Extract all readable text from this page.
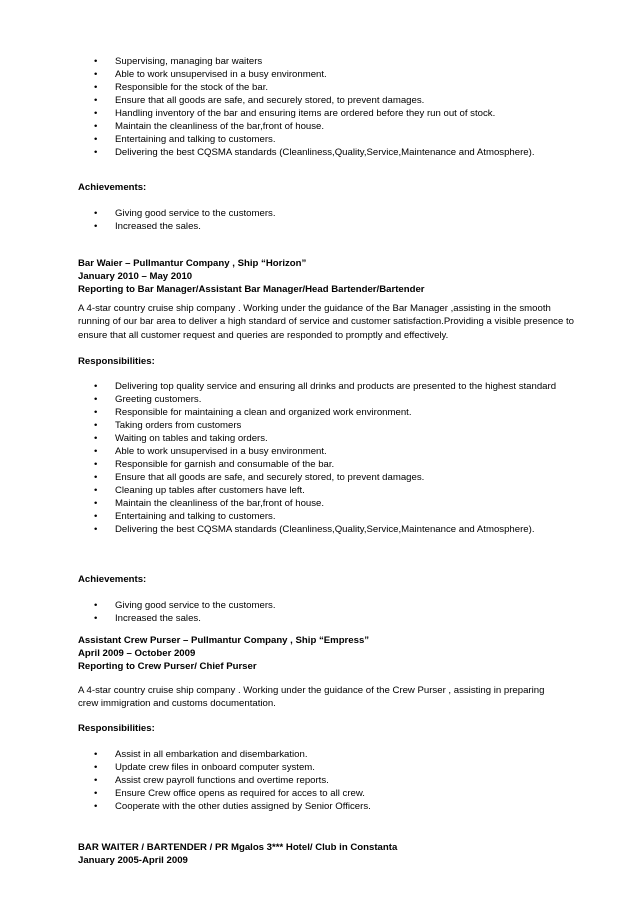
• Supervising, managing bar waiters
• Able to work unsupervised in a busy environment.
• Responsible for the stock of the bar.
• Ensure that all goods are safe, and securely stored, to prevent damages.
• Handling inventory of the bar and ensuring items are ordered before they run out of stock.
• Maintain the cleanliness of the bar,front of house.
• Entertaining and talking to customers.
• Delivering the best CQSMA standards (Cleanliness,Quality,Service,Maintenance and Atmosphere).
Achievements:
• Giving good service to the customers.
• Increased the sales.
Bar Waier – Pullmantur Company , Ship “Horizon”
January 2010 – May 2010
Reporting to Bar Manager/Assistant Bar Manager/Head Bartender/Bartender
A 4-star country cruise ship company . Working under the guidance of the Bar Manager ,assisting in the smooth running of our bar area to deliver a high standard of service and customer satisfaction.Providing a visible presence to ensure that all customer request and queries are responded to promptly and effectively.
Responsibilities:
• Delivering top quality service and ensuring all drinks and products are presented to the highest standard
• Greeting customers.
• Responsible for maintaining a clean and organized work environment.
• Taking orders from customers
• Waiting on tables and taking orders.
• Able to work unsupervised in a busy environment.
• Responsible for garnish and consumable of the bar.
• Ensure that all goods are safe, and securely stored, to prevent damages.
• Cleaning up tables after customers have left.
• Maintain the cleanliness of the bar,front of house.
• Entertaining and talking to customers.
• Delivering the best CQSMA standards (Cleanliness,Quality,Service,Maintenance and Atmosphere).
Achievements:
• Giving good service to the customers.
• Increased the sales.
Assistant Crew Purser – Pullmantur Company , Ship “Empress”
April 2009 – October 2009
Reporting to Crew Purser/ Chief Purser
A 4-star country cruise ship company . Working under the guidance of the Crew Purser , assisting in preparing crew immigration and customs documentation.
Responsibilities:
• Assist in all embarkation and disembarkation.
• Update crew files in onboard computer system.
• Assist crew payroll functions and overtime reports.
• Ensure Crew office opens as required for acces to all crew.
• Cooperate with the other duties assigned by Senior Officers.
BAR WAITER / BARTENDER / PR Mgalos 3*** Hotel/ Club in Constanta
January 2005-April 2009
